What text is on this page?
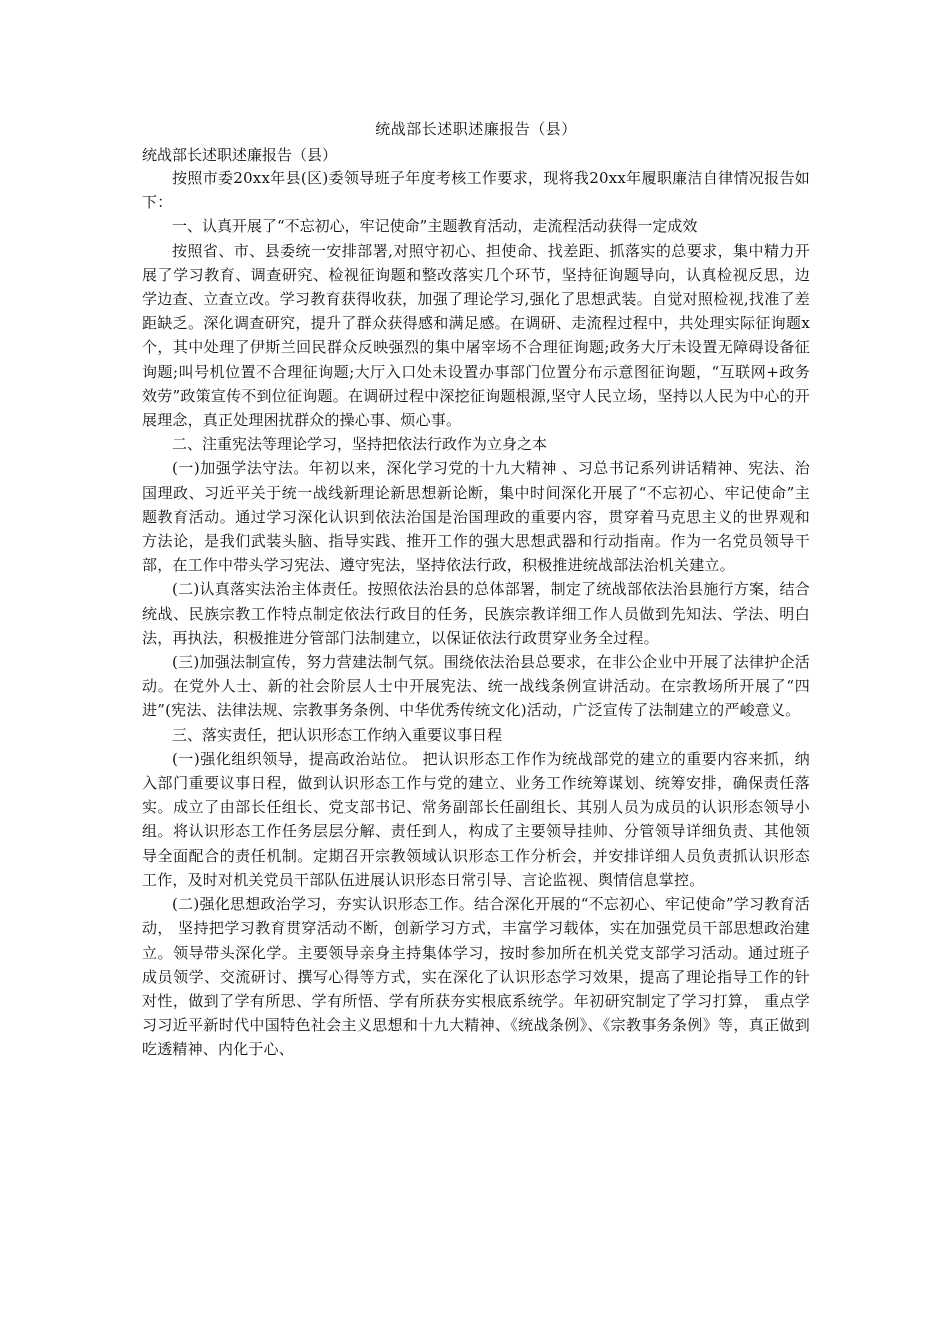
统战部长述职述廉报告（县）
统战部长述职述廉报告（县）

按照市委20xx年县(区)委领导班子年度考核工作要求，现将我20xx年履职廉洁自律情况报告如下：

一、认真开展了“不忘初心，牢记使命”主题教育活动，走流程活动获得一定成效

按照省、市、县委统一安排部署,对照守初心、担使命、找差距、抓落实的总要求，集中精力开展了学习教育、调查研究、检视征询题和整改落实几个环节，坚持征询题导向，认真检视反思，边学边查、立查立改。学习教育获得收获，加强了理论学习,强化了思想武装。自觉对照检视,找准了差距缺乏。深化调查研究，提升了群众获得感和满足感。在调研、走流程过程中，共处理实际征询题x个，其中处理了伊斯兰回民群众反映强烈的集中屠宰场不合理征询题;政务大厅未设置无障碍设备征询题;叫号机位置不合理征询题;大厅入口处未设置办事部门位置分布示意图征询题，“互联网+政务效劳”政策宣传不到位征询题。在调研过程中深挖征询题根源,坚守人民立场，坚持以人民为中心的开展理念，真正处理困扰群众的操心事、烦心事。

二、注重宪法等理论学习，坚持把依法行政作为立身之本

(一)加强学法守法。年初以来，深化学习党的十九大精神 、习总书记系列讲话精神、宪法、治国理政、习近平关于统一战线新理论新思想新论断，集中时间深化开展了“不忘初心、牢记使命”主题教育活动。通过学习深化认识到依法治国是治国理政的重要内容，贯穿着马克思主义的世界观和方法论，是我们武装头脑、指导实践、推开工作的强大思想武器和行动指南。作为一名党员领导干部，在工作中带头学习宪法、遵守宪法，坚持依法行政，积极推进统战部法治机关建立。

(二)认真落实法治主体责任。按照依法治县的总体部署，制定了统战部依法治县施行方案，结合统战、民族宗教工作特点制定依法行政目的任务，民族宗教详细工作人员做到先知法、学法、明白法，再执法，积极推进分管部门法制建立，以保证依法行政贯穿业务全过程。

(三)加强法制宣传，努力营建法制气氛。围绕依法治县总要求，在非公企业中开展了法律护企活动。在党外人士、新的社会阶层人士中开展宪法、统一战线条例宣讲活动。在宗教场所开展了“四进”(宪法、法律法规、宗教事务条例、中华优秀传统文化)活动，广泛宣传了法制建立的严峻意义。

三、落实责任，把认识形态工作纳入重要议事日程

(一)强化组织领导，提高政治站位。 把认识形态工作作为统战部党的建立的重要内容来抓，纳入部门重要议事日程，做到认识形态工作与党的建立、业务工作统筹谋划、统筹安排，确保责任落实。成立了由部长任组长、党支部书记、常务副部长任副组长、其别人员为成员的认识形态领导小组。将认识形态工作任务层层分解、责任到人，构成了主要领导挂帅、分管领导详细负责、其他领导全面配合的责任机制。定期召开宗教领域认识形态工作分析会，并安排详细人员负责抓认识形态工作，及时对机关党员干部队伍进展认识形态日常引导、言论监视、舆情信息掌控。

(二)强化思想政治学习，夯实认识形态工作。结合深化开展的“不忘初心、牢记使命”学习教育活动， 坚持把学习教育贯穿活动不断，创新学习方式，丰富学习载体，实在加强党员干部思想政治建立。领导带头深化学。主要领导亲身主持集体学习，按时参加所在机关党支部学习活动。通过班子成员领学、交流研讨、撰写心得等方式，实在深化了认识形态学习效果，提高了理论指导工作的针对性，做到了学有所思、学有所悟、学有所获夯实根底系统学。年初研究制定了学习打算， 重点学习习近平新时代中国特色社会主义思想和十九大精神、《统战条例》、《宗教事务条例》等，真正做到吃透精神、内化于心、
